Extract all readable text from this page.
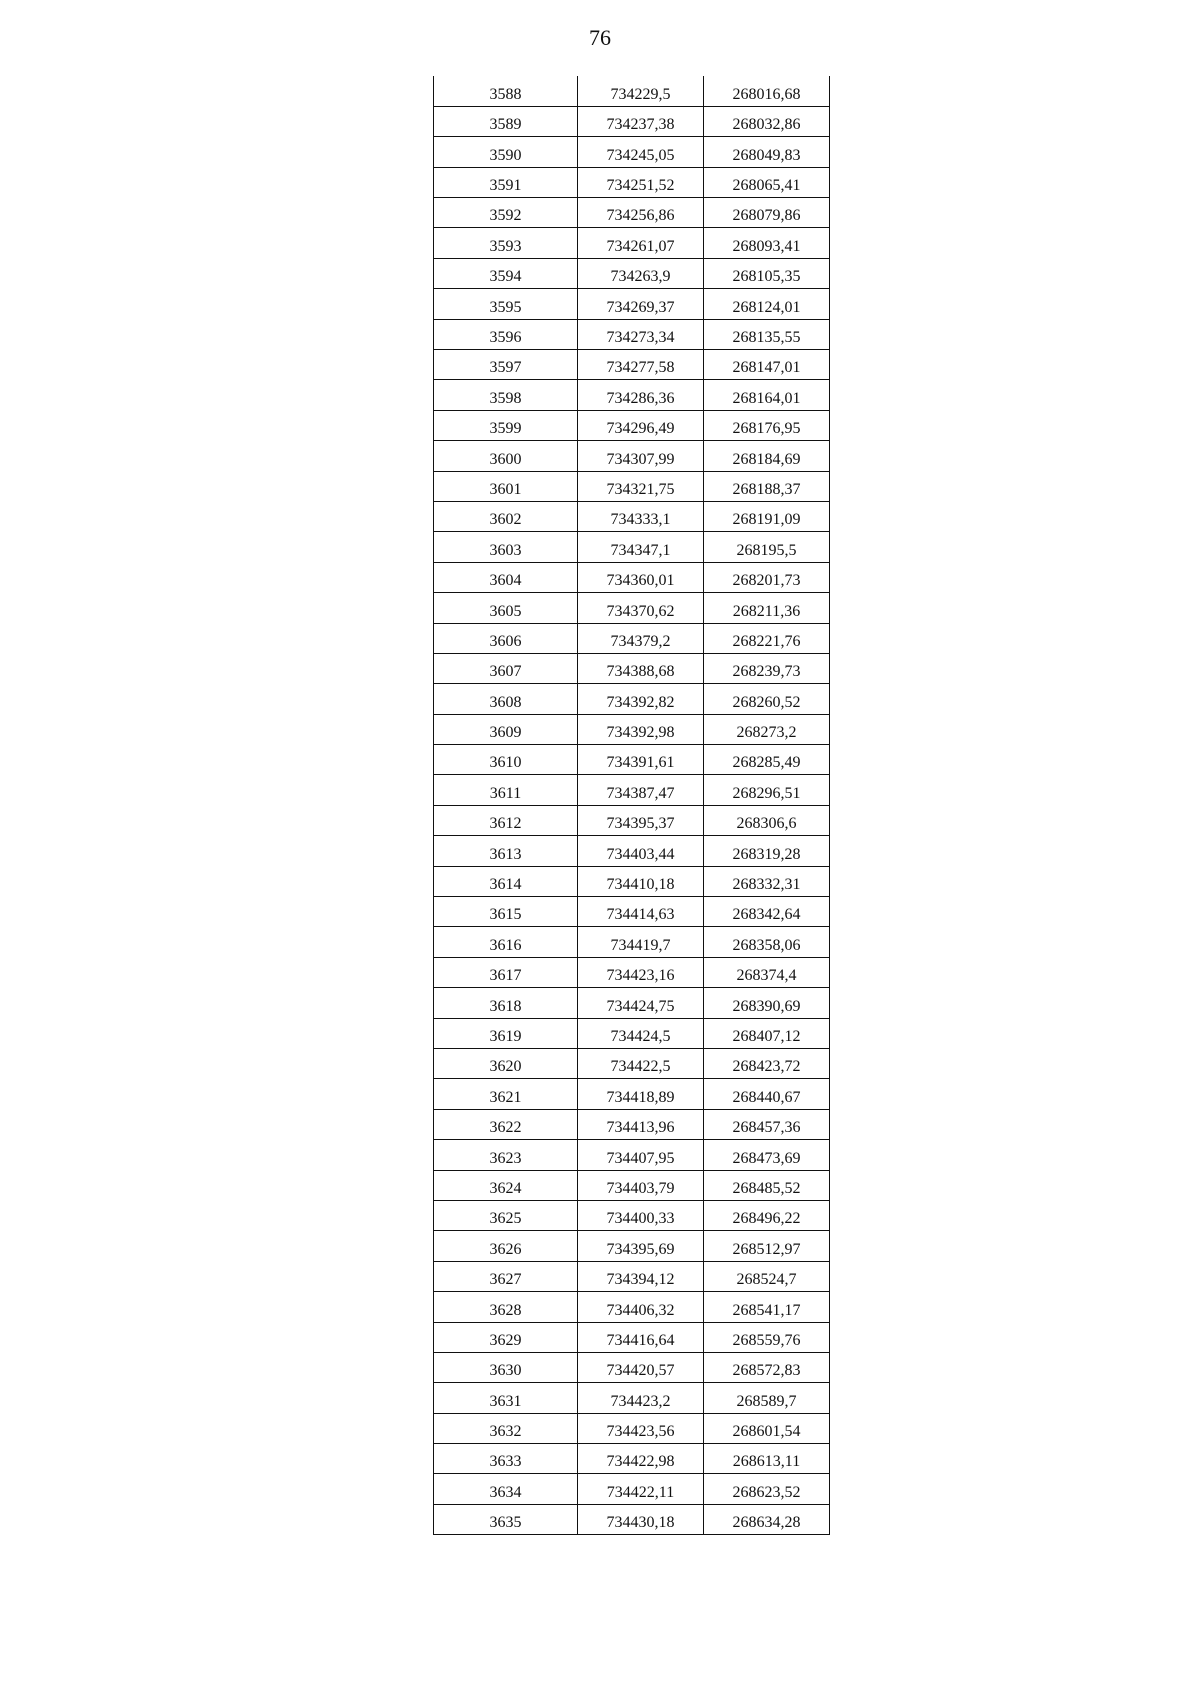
76
3588	734229,5	268016,68
3589	734237,38	268032,86
3590	734245,05	268049,83
3591	734251,52	268065,41
3592	734256,86	268079,86
3593	734261,07	268093,41
3594	734263,9	268105,35
3595	734269,37	268124,01
3596	734273,34	268135,55
3597	734277,58	268147,01
3598	734286,36	268164,01
3599	734296,49	268176,95
3600	734307,99	268184,69
3601	734321,75	268188,37
3602	734333,1	268191,09
3603	734347,1	268195,5
3604	734360,01	268201,73
3605	734370,62	268211,36
3606	734379,2	268221,76
3607	734388,68	268239,73
3608	734392,82	268260,52
3609	734392,98	268273,2
3610	734391,61	268285,49
3611	734387,47	268296,51
3612	734395,37	268306,6
3613	734403,44	268319,28
3614	734410,18	268332,31
3615	734414,63	268342,64
3616	734419,7	268358,06
3617	734423,16	268374,4
3618	734424,75	268390,69
3619	734424,5	268407,12
3620	734422,5	268423,72
3621	734418,89	268440,67
3622	734413,96	268457,36
3623	734407,95	268473,69
3624	734403,79	268485,52
3625	734400,33	268496,22
3626	734395,69	268512,97
3627	734394,12	268524,7
3628	734406,32	268541,17
3629	734416,64	268559,76
3630	734420,57	268572,83
3631	734423,2	268589,7
3632	734423,56	268601,54
3633	734422,98	268613,11
3634	734422,11	268623,52
3635	734430,18	268634,28
